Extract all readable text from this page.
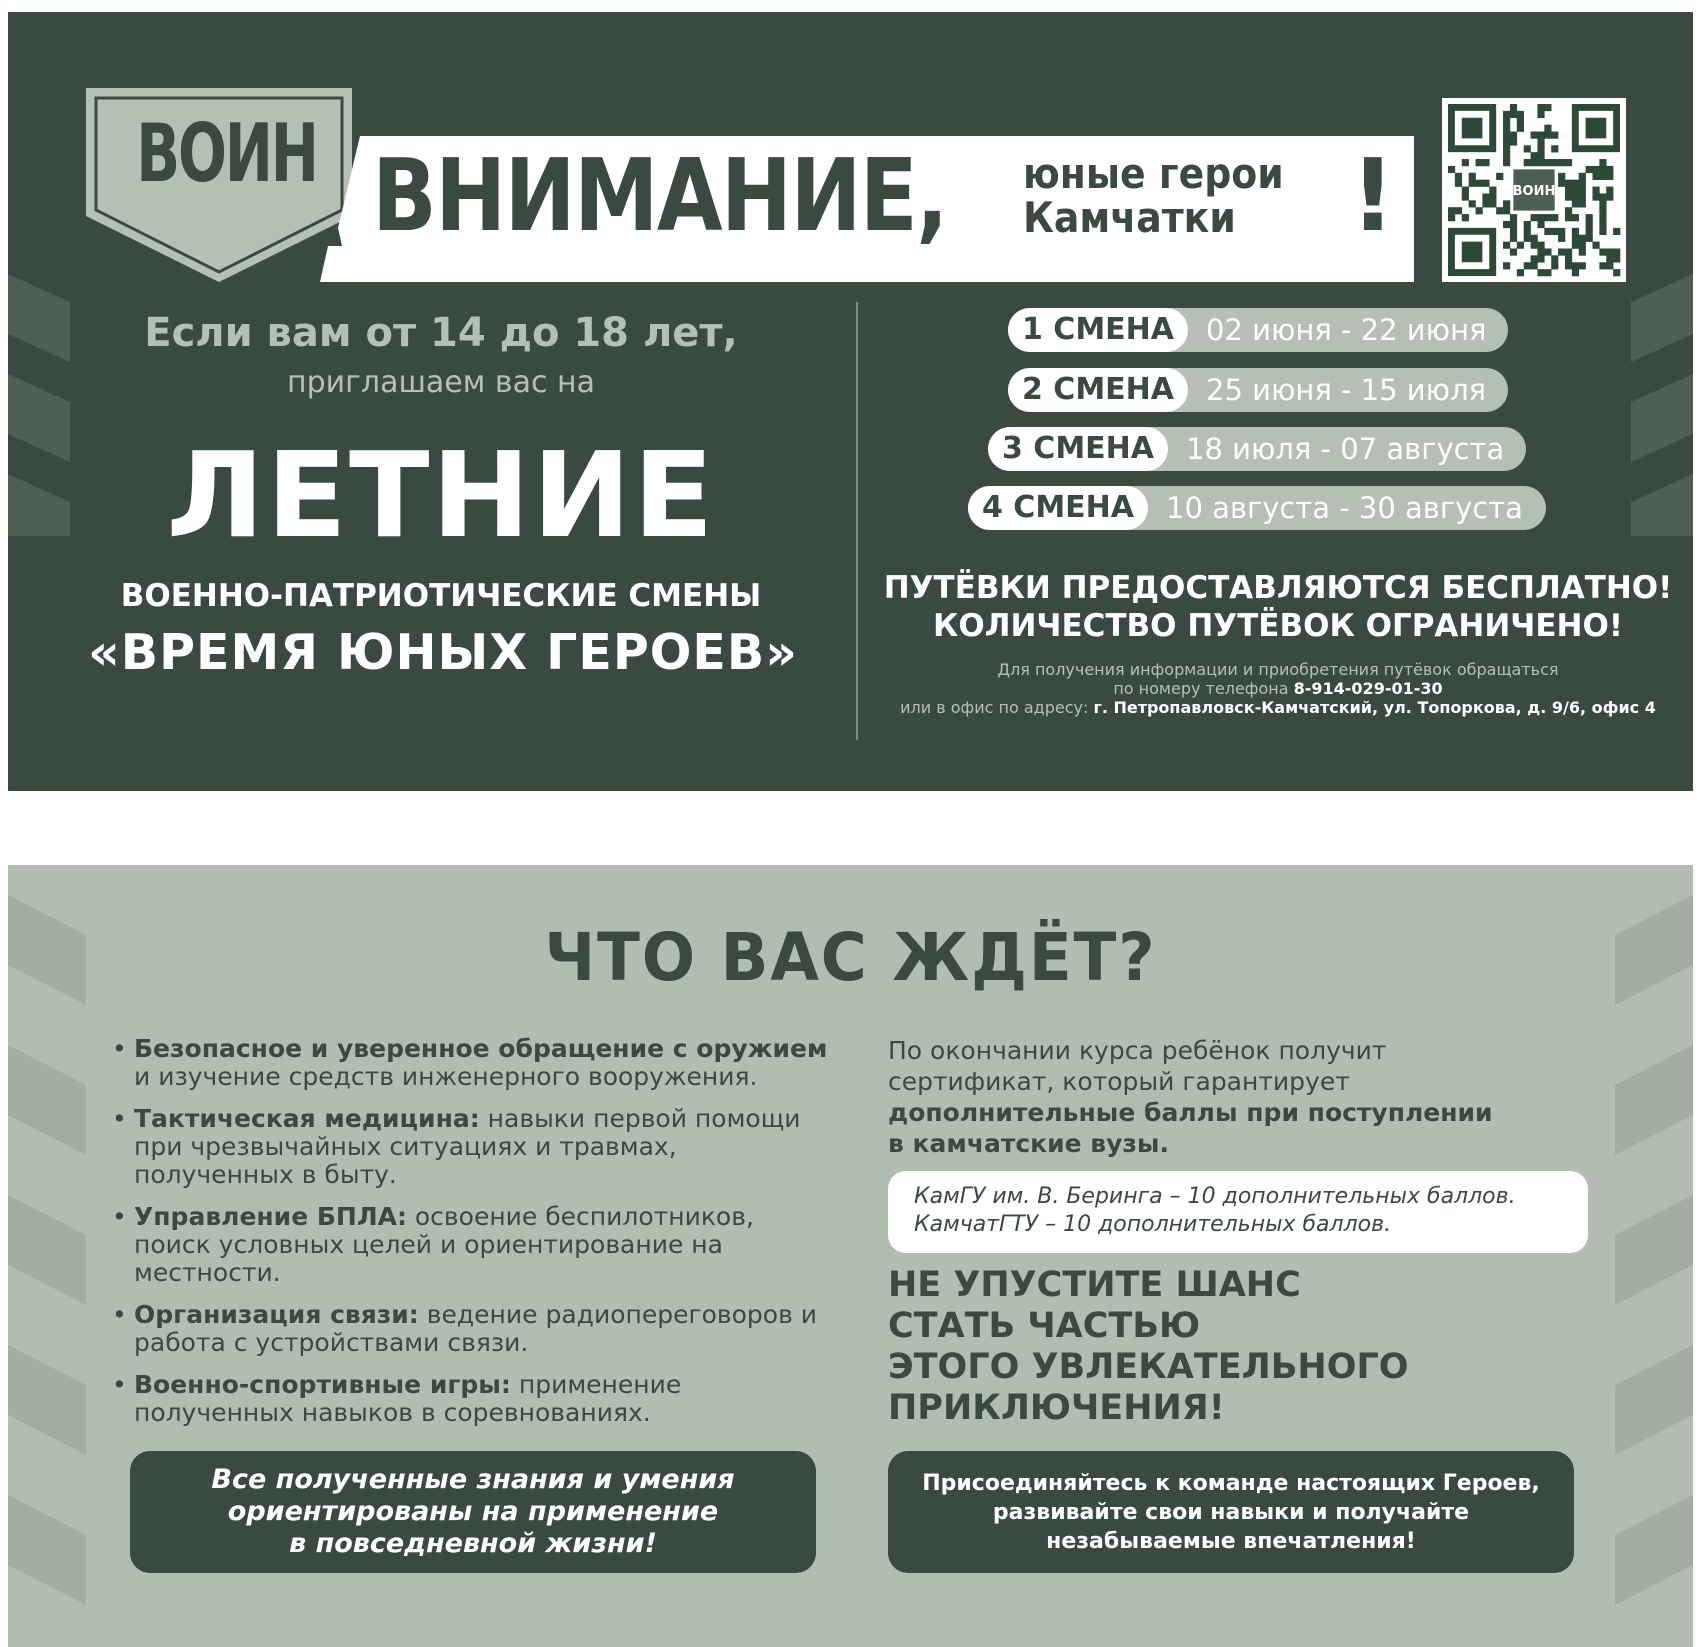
ВОИН ВНИМАНИЕ, юные герои
Камчатки	!	ВОИН
Если вам от 14 до 18 лет,
приглашаем вас на
ЛЕТНИЕ
ВОЕННО-ПАТРИОТИЧЕСКИЕ СМЕНЫ
«ВРЕМЯ ЮНЫХ ГЕРОЕВ»
1 СМЕНА	02 июня - 22 июня
2 СМЕНА	25 июня - 15 июля
3 СМЕНА	18 июля - 07 августа
4 СМЕНА	10 августа - 30 августа
ПУТЁВКИ ПРЕДОСТАВЛЯЮТСЯ БЕСПЛАТНО!
КОЛИЧЕСТВО ПУТЁВОК ОГРАНИЧЕНО!
Для получения информации и приобретения путёвок обращаться
по номеру телефона 8-914-029-01-30
или в офис по адресу: г. Петропавловск-Камчатский, ул. Топоркова, д. 9/6, офис 4
ЧТО ВАС ЖДЁТ?
• Безопасное и уверенное обращение с оружием и изучение средств инженерного вооружения.
• Тактическая медицина: навыки первой помощи при чрезвычайных ситуациях и травмах, полученных в быту.
• Управление БПЛА: освоение беспилотников, поиск условных целей и ориентирование на местности.
• Организация связи: ведение радиопереговоров и работа с устройствами связи.
• Военно-спортивные игры: применение полученных навыков в соревнованиях.
Все полученные знания и умения
ориентированы на применение
в повседневной жизни!
По окончании курса ребёнок получит
сертификат, который гарантирует
дополнительные баллы при поступлении
в камчатские вузы.
КамГУ им. В. Беринга – 10 дополнительных баллов.
КамчатГТУ – 10 дополнительных баллов.
НЕ УПУСТИТЕ ШАНС
СТАТЬ ЧАСТЬЮ
ЭТОГО УВЛЕКАТЕЛЬНОГО
ПРИКЛЮЧЕНИЯ!
Присоединяйтесь к команде настоящих Героев,
развивайте свои навыки и получайте
незабываемые впечатления!
